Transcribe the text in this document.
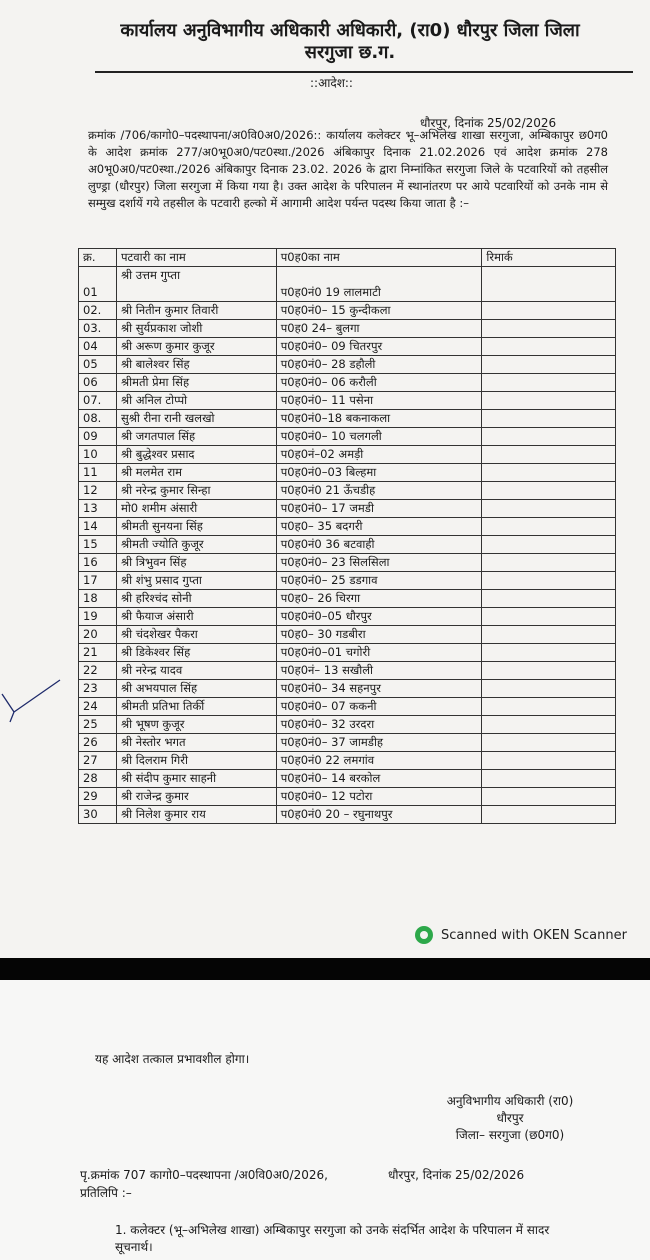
कार्यालय अनुविभागीय अधिकारी अधिकारी, (रा0) धौरपुर जिला जिला सरगुजा छ.ग.
::आदेश::
धौरपुर, दिनांक 25/02/2026
क्रमांक /706/कागो0–पदस्थापना/अ0वि0अ0/2026:: कार्यालय कलेक्टर भू–अभिलेख शाखा सरगुजा, अम्बिकापुर छ0ग0 के आदेश क्रमांक 277/अ0भू0अ0/पट0स्था./2026 अंबिकापुर दिनाक 21.02.2026 एवं आदेश क्रमांक 278 अ0भू0अ0/पट0स्था./2026 अंबिकापुर दिनाक 23.02. 2026 के द्वारा निम्नांकित सरगुजा जिले के पटवारियों को तहसील लुण्ड्रा (धौरपुर) जिला सरगुजा में किया गया है। उक्त आदेश के परिपालन में स्थानांतरण पर आये पटवारियों को उनके नाम से सम्मुख दर्शायें गये तहसील के पटवारी हल्को में आगामी आदेश पर्यन्त पदस्थ किया जाता है :–
क्र.	पटवारी का नाम	प0ह0का नाम	रिमार्क
01	श्री उत्तम गुप्ता	प0ह0नं0 19 लालमाटी	
02.	श्री नितीन कुमार तिवारी	प0ह0नं0– 15 कुन्दीकला	
03.	श्री सुर्यप्रकाश जोशी	प0ह0 24– बुलगा	
04	श्री अरूण कुमार कुजूर	प0ह0नं0– 09 चितरपुर	
05	श्री बालेश्वर सिंह	प0ह0नं0– 28 डहौली	
06	श्रीमती प्रेमा सिंह	प0ह0नं0– 06 करौली	
07.	श्री अनिल टोप्पो	प0ह0नं0– 11 पसेना	
08.	सुश्री रीना रानी खलखो	प0ह0नं0–18 बकनाकला	
09	श्री जगतपाल सिंह	प0ह0नं0– 10 चलगली	
10	श्री बुद्धेश्वर प्रसाद	प0ह0नं–02 अमड़ी	
11	श्री मलमेत राम	प0ह0नं0–03 बिल्हमा	
12	श्री नरेन्द्र कुमार सिन्हा	प0ह0नं0 21 ऊँचडीह	
13	मो0 शमीम अंसारी	प0ह0नं0– 17 जमडी	
14	श्रीमती सुनयना सिंह	प0ह0– 35 बदगरी	
15	श्रीमती ज्योति कुजूर	प0ह0नं0 36 बटवाही	
16	श्री त्रिभुवन सिंह	प0ह0नं0– 23 सिलसिला	
17	श्री शंभु प्रसाद गुप्ता	प0ह0नं0– 25 डडगाव	
18	श्री हरिश्चंद सोनी	प0ह0– 26 चिरगा	
19	श्री फैयाज अंसारी	प0ह0नं0–05 धौरपुर	
20	श्री चंदशेखर पैकरा	प0ह0– 30 गडबीरा	
21	श्री डिकेश्वर सिंह	प0ह0नं0–01 चगोरी	
22	श्री नरेन्द्र यादव	प0ह0नं– 13 सखौली	
23	श्री अभयपाल सिंह	प0ह0नं0– 34 सहनपुर	
24	श्रीमती प्रतिभा तिर्की	प0ह0नं0– 07 ककनी	
25	श्री भूषण कुजूर	प0ह0नं0– 32 उरदरा	
26	श्री नेस्तोर भगत	प0ह0नं0– 37 जामडीह	
27	श्री दिलराम गिरी	प0ह0नं0 22 लमगांव	
28	श्री संदीप कुमार साहनी	प0ह0नं0– 14 बरकोल	
29	श्री राजेन्द्र कुमार	प0ह0नं0– 12 पटोरा	
30	श्री निलेश कुमार राय	प0ह0नं0 20 – रघुनाथपुर	
Scanned with OKEN Scanner
यह आदेश तत्काल प्रभावशील होगा।
अनुविभागीय अधिकारी (रा0)
धौरपुर
जिला– सरगुजा (छ0ग0)
पृ.क्रमांक 707 कागो0–पदस्थापना /अ0वि0अ0/2026,	धौरपुर, दिनांक 25/02/2026
प्रतिलिपि :–
1. कलेक्टर (भू–अभिलेख शाखा) अम्बिकापुर सरगुजा को उनके संदर्भित आदेश के परिपालन में सादर सूचनार्थ।
